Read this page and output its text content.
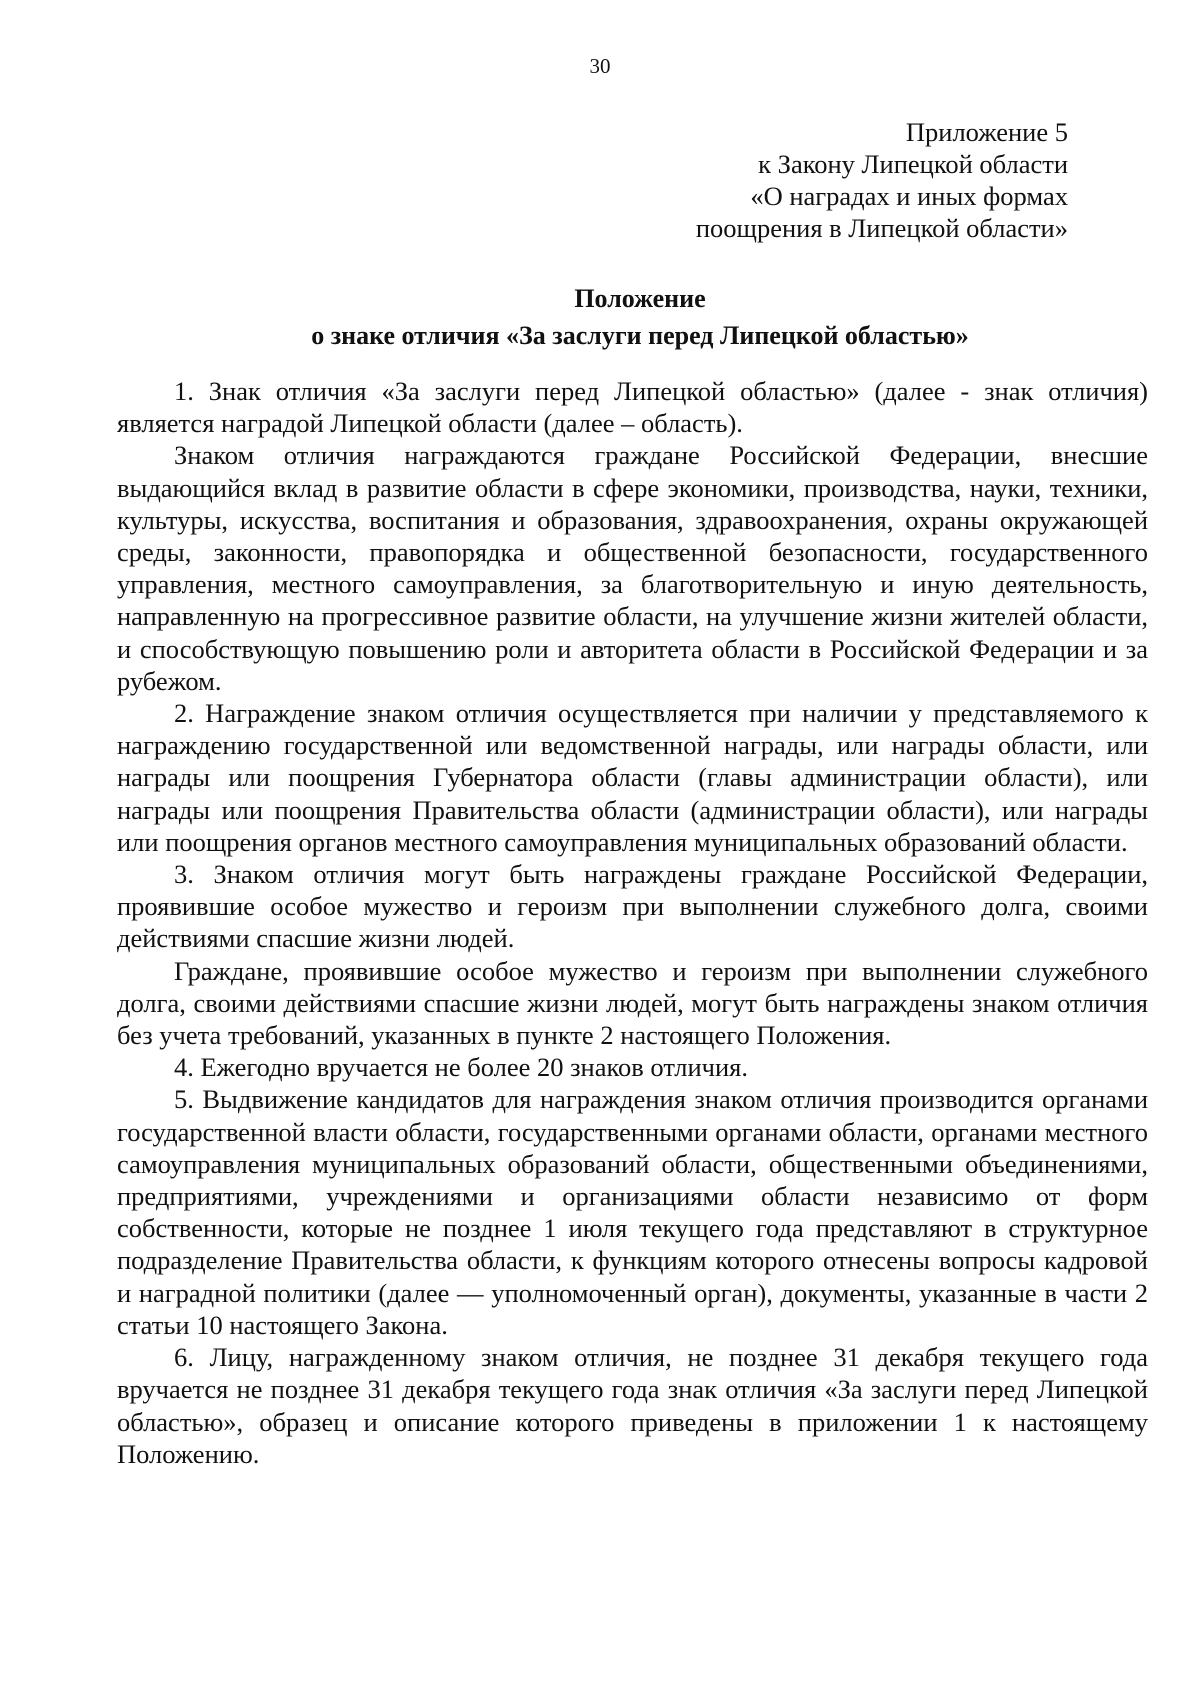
30
Приложение 5
к Закону Липецкой области
«О наградах и иных формах
поощрения в Липецкой области»
Положение
о знаке отличия «За заслуги перед Липецкой областью»

1. Знак отличия «За заслуги перед Липецкой областью» (далее - знак отличия) является наградой Липецкой области (далее – область).

Знаком отличия награждаются граждане Российской Федерации, внесшие выдающийся вклад в развитие области в сфере экономики, производства, науки, техники, культуры, искусства, воспитания и образования, здравоохранения, охраны окружающей среды, законности, правопорядка и общественной безопасности, государственного управления, местного самоуправления, за благотворительную и иную деятельность, направленную на прогрессивное развитие области, на улучшение жизни жителей области, и способствующую повышению роли и авторитета области в Российской Федерации и за рубежом.

2. Награждение знаком отличия осуществляется при наличии у представляемого к награждению государственной или ведомственной награды, или награды области, или награды или поощрения Губернатора области (главы администрации области), или награды или поощрения Правительства области (администрации области), или награды или поощрения органов местного самоуправления муниципальных образований области.

3. Знаком отличия могут быть награждены граждане Российской Федерации, проявившие особое мужество и героизм при выполнении служебного долга, своими действиями спасшие жизни людей.

Граждане, проявившие особое мужество и героизм при выполнении служебного долга, своими действиями спасшие жизни людей, могут быть награждены знаком отличия без учета требований, указанных в пункте 2 настоящего Положения.

4. Ежегодно вручается не более 20 знаков отличия.

5. Выдвижение кандидатов для награждения знаком отличия производится органами государственной власти области, государственными органами области, органами местного самоуправления муниципальных образований области, общественными объединениями, предприятиями, учреждениями и организациями области независимо от форм собственности, которые не позднее 1 июля текущего года представляют в структурное подразделение Правительства области, к функциям которого отнесены вопросы кадровой и наградной политики (далее — уполномоченный орган), документы, указанные в части 2 статьи 10 настоящего Закона.

6. Лицу, награжденному знаком отличия, не позднее 31 декабря текущего года вручается не позднее 31 декабря текущего года знак отличия «За заслуги перед Липецкой областью», образец и описание которого приведены в приложении 1 к настоящему Положению.
